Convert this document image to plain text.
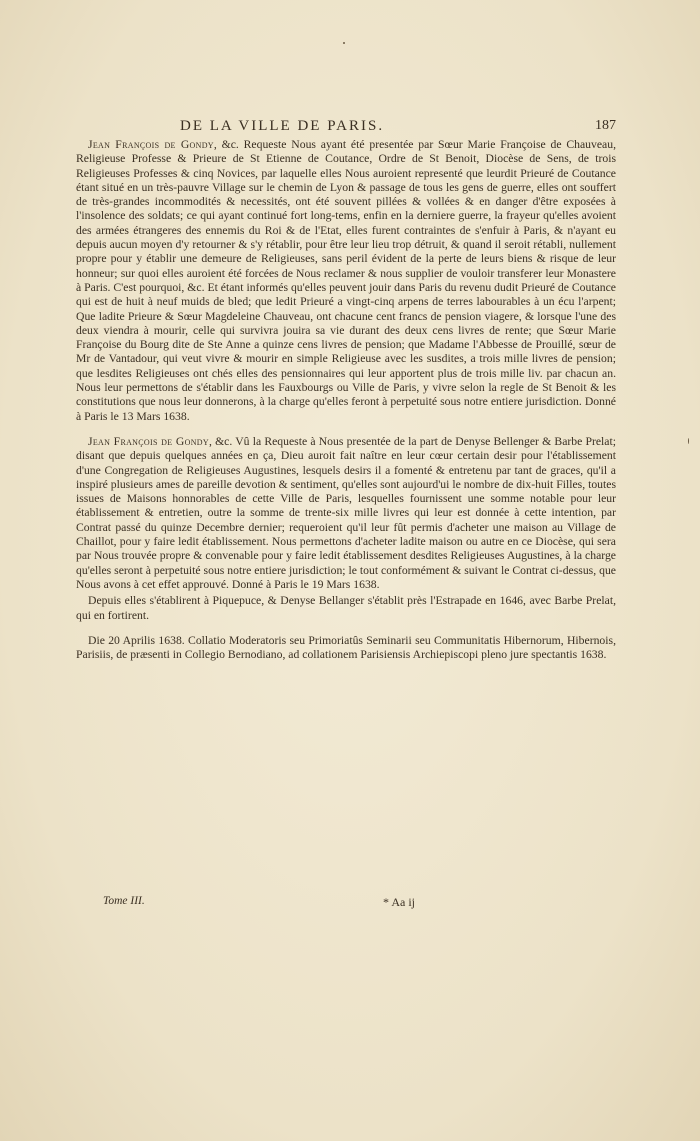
DE LA VILLE DE PARIS.	187

Jean François de Gondy, &c. Requeste Nous ayant été presentée par Sœur Marie Françoise de Chauveau, Religieuse Professe & Prieure de St Etienne de Coutance, Ordre de St Benoit, Diocèse de Sens, de trois Religieuses Professes & cinq Novices, par laquelle elles Nous auroient representé que leurdit Prieuré de Coutance étant situé en un très-pauvre Village sur le chemin de Lyon & passage de tous les gens de guerre, elles ont souffert de très-grandes incommodités & necessités, ont été souvent pillées & vollées & en danger d'être exposées à l'insolence des soldats; ce qui ayant continué fort long-tems, enfin en la derniere guerre, la frayeur qu'elles avoient des armées étrangeres des ennemis du Roi & de l'Etat, elles furent contraintes de s'enfuir à Paris, & n'ayant eu depuis aucun moyen d'y retourner & s'y rétablir, pour être leur lieu trop détruit, & quand il seroit rétabli, nullement propre pour y établir une demeure de Religieuses, sans peril évident de la perte de leurs biens & risque de leur honneur; sur quoi elles auroient été forcées de Nous reclamer & nous supplier de vouloir transferer leur Monastere à Paris. C'est pourquoi, &c. Et étant informés qu'elles peuvent jouir dans Paris du revenu dudit Prieuré de Coutance qui est de huit à neuf muids de bled; que ledit Prieuré a vingt-cinq arpens de terres labourables à un écu l'arpent; Que ladite Prieure & Sœur Magdeleine Chauveau, ont chacune cent francs de pension viagere, & lorsque l'une des deux viendra à mourir, celle qui survivra jouira sa vie durant des deux cens livres de rente; que Sœur Marie Françoise du Bourg dite de Ste Anne a quinze cens livres de pension; que Madame l'Abbesse de Prouillé, sœur de Mr de Vantadour, qui veut vivre & mourir en simple Religieuse avec les susdites, a trois mille livres de pension; que lesdites Religieuses ont chés elles des pensionnaires qui leur apportent plus de trois mille liv. par chacun an. Nous leur permettons de s'établir dans les Fauxbourgs ou Ville de Paris, y vivre selon la regle de St Benoit & les constitutions que nous leur donnerons, à la charge qu'elles feront à perpetuité sous notre entiere jurisdiction. Donné à Paris le 13 Mars 1638.

Jean François de Gondy, &c. Vû la Requeste à Nous presentée de la part de Denyse Bellenger & Barbe Prelat; disant que depuis quelques années en ça, Dieu auroit fait naître en leur cœur certain desir pour l'établissement d'une Congregation de Religieuses Augustines, lesquels desirs il a fomenté & entretenu par tant de graces, qu'il a inspiré plusieurs ames de pareille devotion & sentiment, qu'elles sont aujourd'ui le nombre de dix-huit Filles, toutes issues de Maisons honnorables de cette Ville de Paris, lesquelles fournissent une somme notable pour leur établissement & entretien, outre la somme de trente-six mille livres qui leur est donnée à cette intention, par Contrat passé du quinze Decembre dernier; requeroient qu'il leur fût permis d'acheter une maison au Village de Chaillot, pour y faire ledit établissement. Nous permettons d'acheter ladite maison ou autre en ce Diocèse, qui sera par Nous trouvée propre & convenable pour y faire ledit établissement desdites Religieuses Augustines, à la charge qu'elles seront à perpetuité sous notre entiere jurisdiction; le tout conformément & suivant le Contrat ci-dessus, que Nous avons à cet effet approuvé. Donné à Paris le 19 Mars 1638.

Depuis elles s'établirent à Piquepuce, & Denyse Bellanger s'établit près l'Estrapade en 1646, avec Barbe Prelat, qui en fortirent.

Die 20 Aprilis 1638. Collatio Moderatoris seu Primoriatûs Seminarii seu Communitatis Hibernorum, Hibernois, Parisiis, de præsenti in Collegio Bernodiano, ad collationem Parisiensis Archiepiscopi pleno jure spectantis 1638.

Tome III.	* Aa ij
